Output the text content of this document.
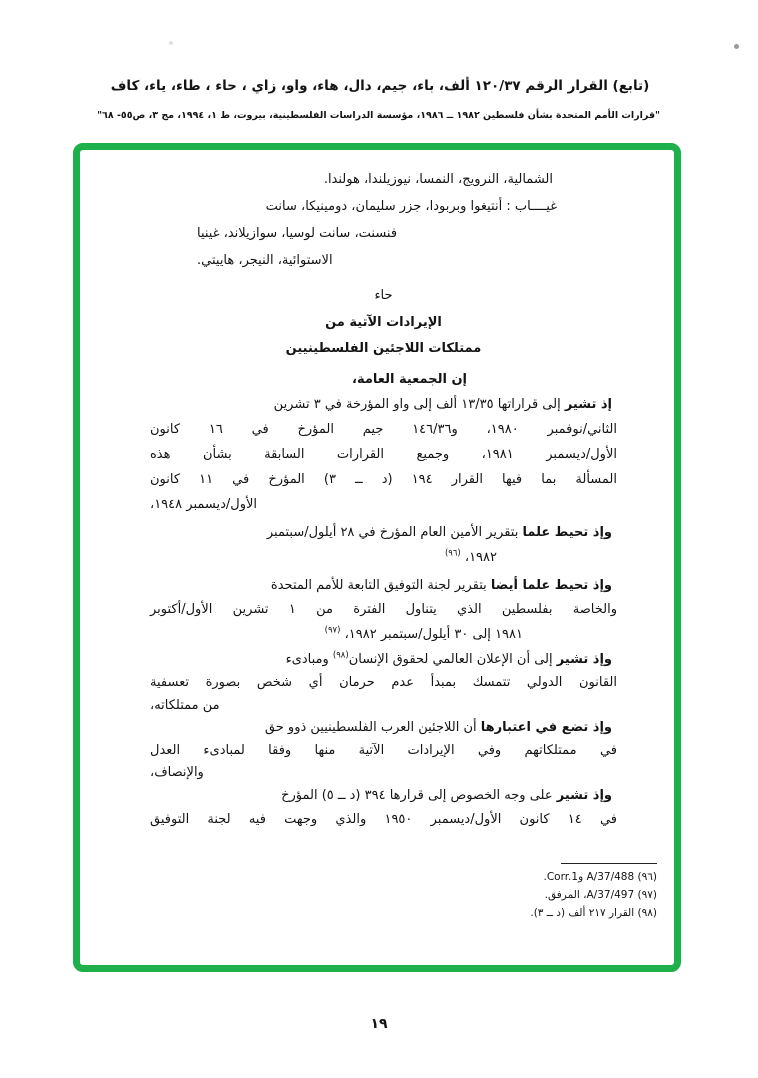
(تابع) القرار الرقم ١٢٠/٣٧ ألف، باء، جيم، دال، هاء، واو، زاي ، حاء ، طاء، ياء، كاف
"قرارات الأمم المتحدة بشأن فلسطين ١٩٨٢ ــ ١٩٨٦، مؤسسة الدراسات الفلسطينية، بيروت، ط ١، ١٩٩٤، مج ٣، ص٥٥- ٦٨"
الشمالية، النرويج، النمسا، نيوزيلندا، هولندا.
غيــــاب : أنتيغوا وبربودا، جزر سليمان، دومينيكا، سانت
فنسنت، سانت لوسيا، سوازيلاند، غينيا
الاستوائية، النيجر، هاييتي.
حاء
الإيرادات الآتية من
ممتلكات اللاجئين الفلسطينيين
إن الجمعية العامة،
إذ تشير إلى قراراتها ١٣/٣٥ ألف إلى واو المؤرخة في ٣ تشرين
الثاني/نوفمبر ١٩٨٠، و١٤٦/٣٦ جيم المؤرخ في ١٦ كانون
الأول/ديسمبر ١٩٨١، وجميع القرارات السابقة بشأن هذه
المسألة بما فيها القرار ١٩٤ (د ــ ٣) المؤرخ في ١١ كانون
الأول/ديسمبر ١٩٤٨،
وإذ تحيط علما بتقرير الأمين العام المؤرخ في ٢٨ أيلول/سبتمبر
١٩٨٢، $^{(٩٦)}$
وإذ تحيط علما أيضا بتقرير لجنة التوفيق التابعة للأمم المتحدة
والخاصة بفلسطين الذي يتناول الفترة من ١ تشرين الأول/أكتوبر
١٩٨١ إلى ٣٠ أيلول/سبتمبر ١٩٨٢، $^{(٩٧)}$
وإذ تشير إلى أن الإعلان العالمي لحقوق الإنسان$^{(٩٨)}$ ومبادىء
القانون الدولي تتمسك بمبدأ عدم حرمان أي شخص بصورة تعسفية
من ممتلكاته،
وإذ تضع في اعتبارها أن اللاجئين العرب الفلسطينيين ذوو حق
في ممتلكاتهم وفي الإيرادات الآتية منها وفقا لمبادىء العدل
والإنصاف،
وإذ تشير على وجه الخصوص إلى قرارها ٣٩٤ (د ــ ٥) المؤرخ
في ١٤ كانون الأول/ديسمبر ١٩٥٠ والذي وجهت فيه لجنة التوفيق
(٩٦) A/37/488 وCorr.1.
(٩٧) A/37/497، المرفق.
(٩٨) القرار ٢١٧ ألف (د ــ ٣).
١٩
